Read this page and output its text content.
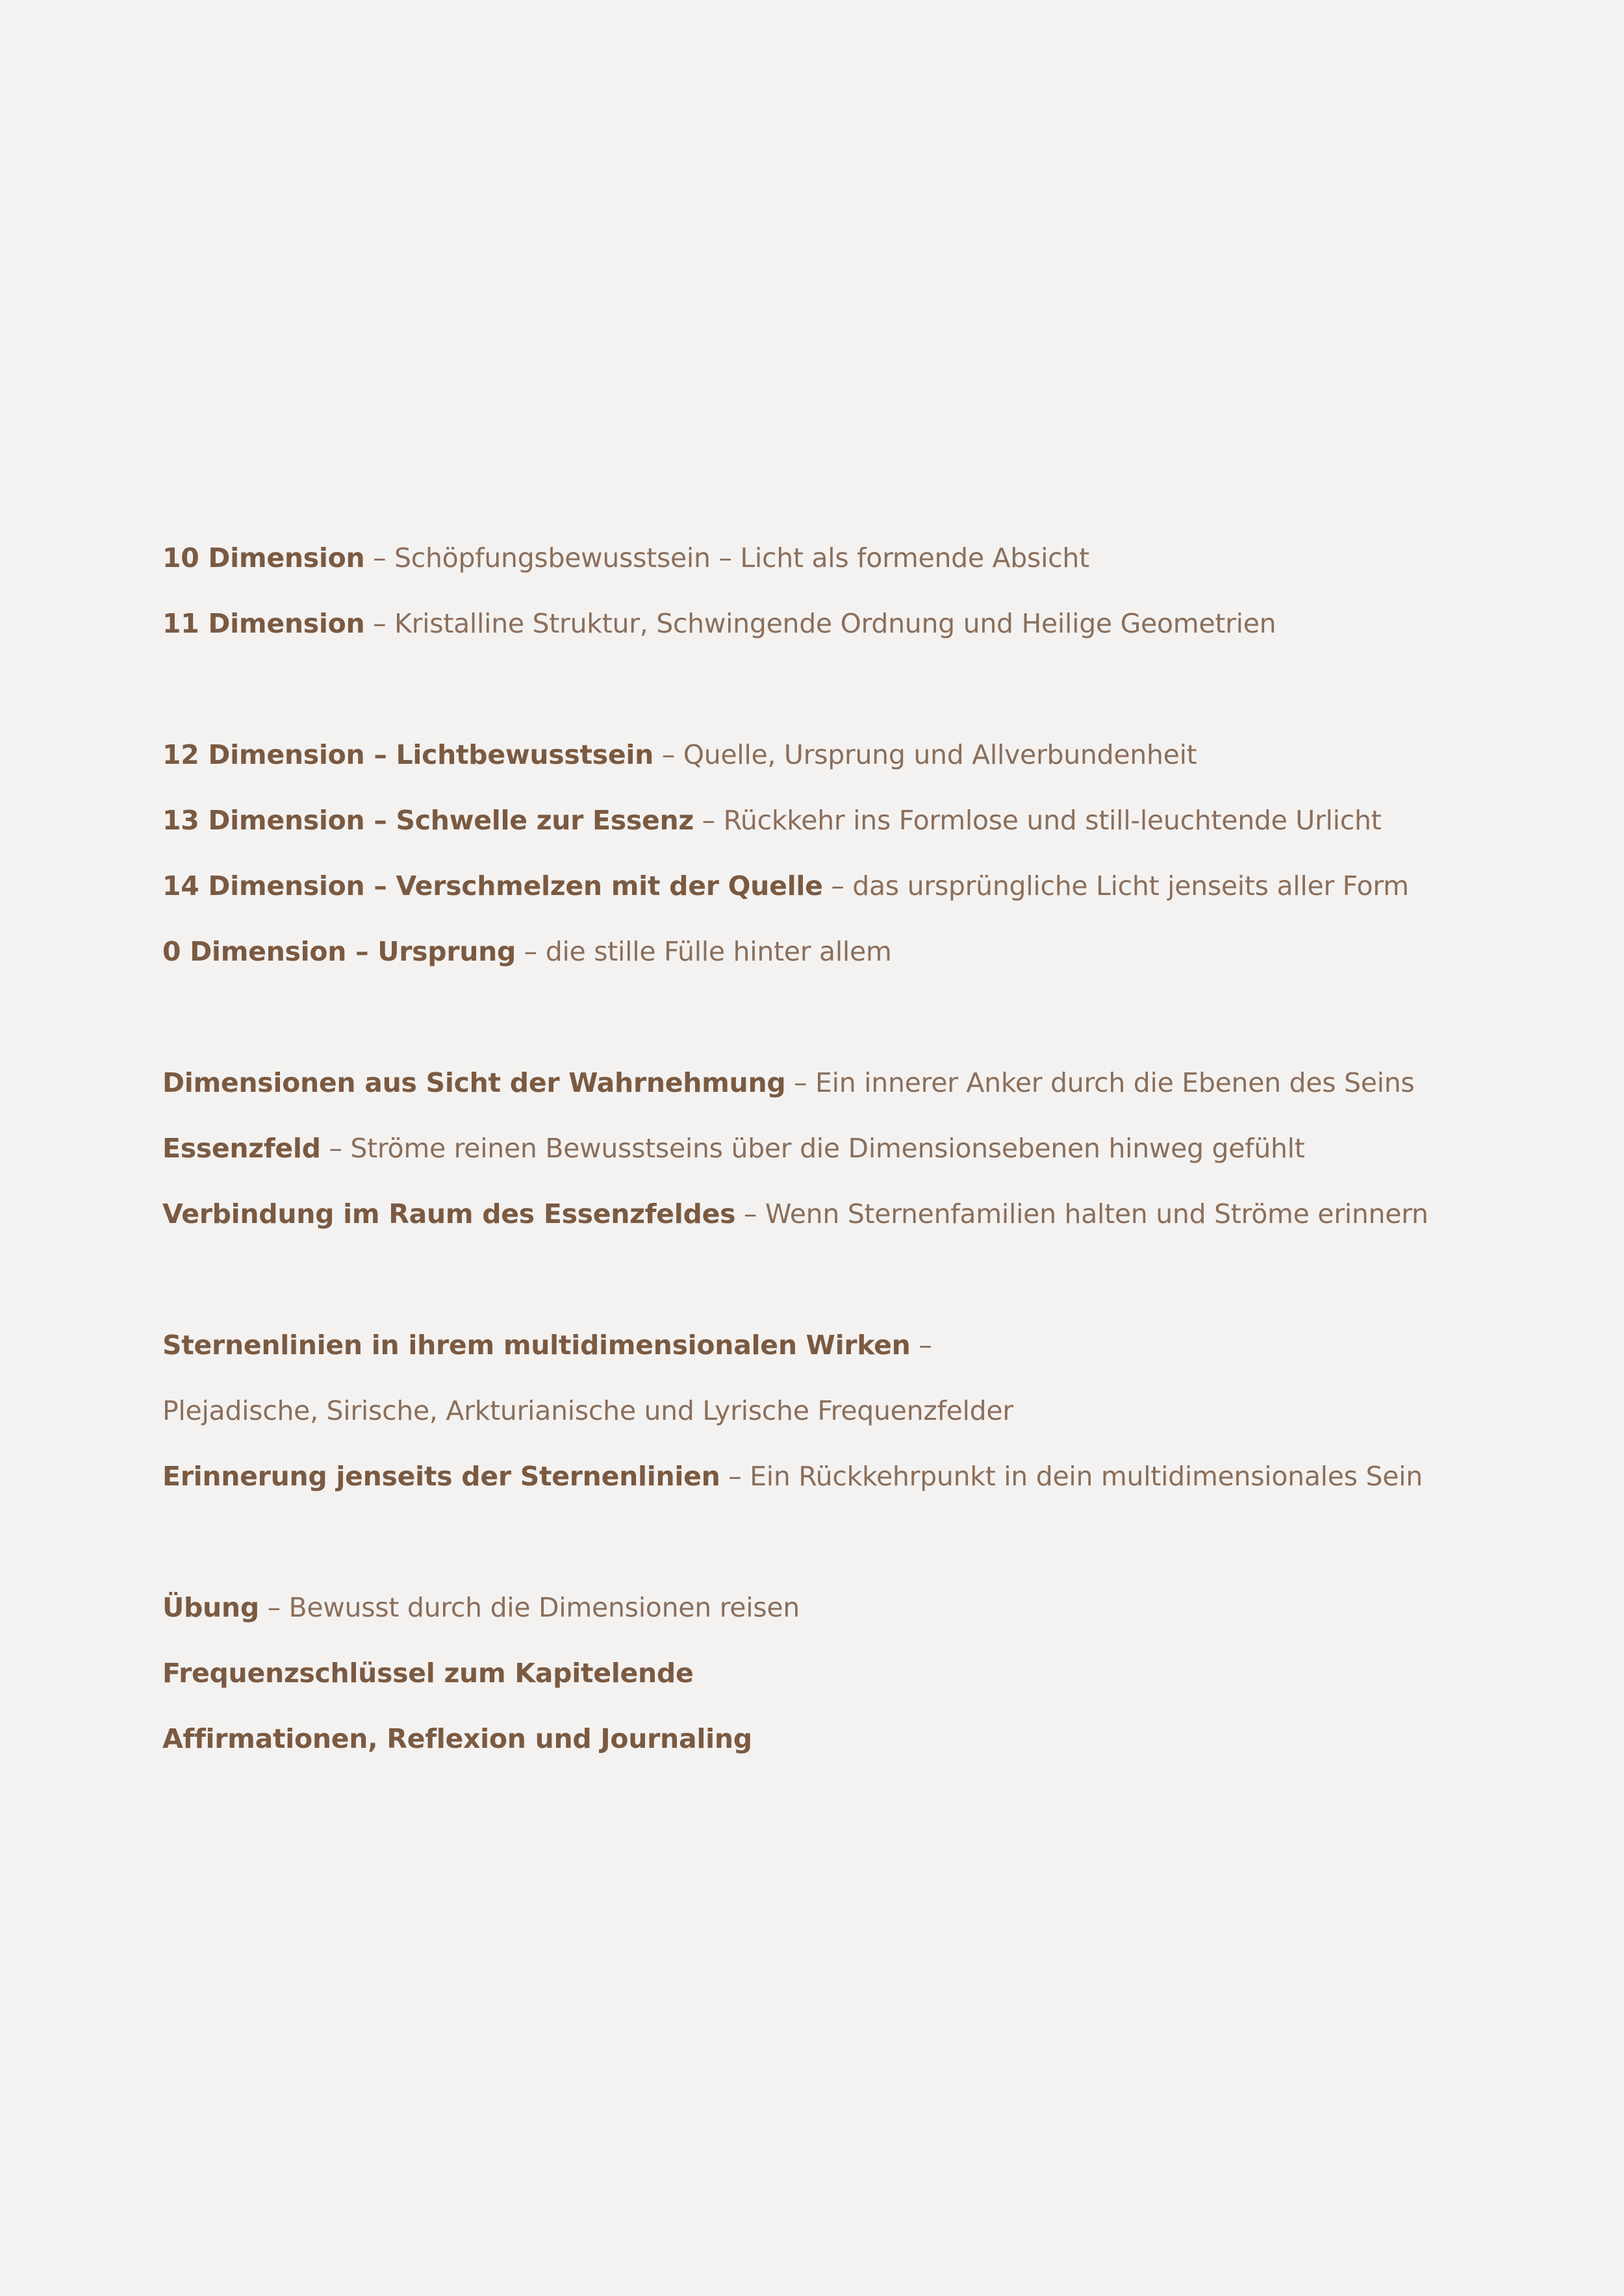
10 Dimension – Schöpfungsbewusstsein – Licht als formende Absicht
11 Dimension – Kristalline Struktur, Schwingende Ordnung und Heilige Geometrien
12 Dimension – Lichtbewusstsein – Quelle, Ursprung und Allverbundenheit
13 Dimension – Schwelle zur Essenz – Rückkehr ins Formlose und still-leuchtende Urlicht
14 Dimension – Verschmelzen mit der Quelle – das ursprüngliche Licht jenseits aller Form
0 Dimension – Ursprung – die stille Fülle hinter allem
Dimensionen aus Sicht der Wahrnehmung – Ein innerer Anker durch die Ebenen des Seins
Essenzfeld – Ströme reinen Bewusstseins über die Dimensionsebenen hinweg gefühlt
Verbindung im Raum des Essenzfeldes – Wenn Sternenfamilien halten und Ströme erinnern
Sternenlinien in ihrem multidimensionalen Wirken –
Plejadische, Sirische, Arkturianische und Lyrische Frequenzfelder
Erinnerung jenseits der Sternenlinien – Ein Rückkehrpunkt in dein multidimensionales Sein
Übung – Bewusst durch die Dimensionen reisen
Frequenzschlüssel zum Kapitelende
Affirmationen, Reflexion und Journaling
